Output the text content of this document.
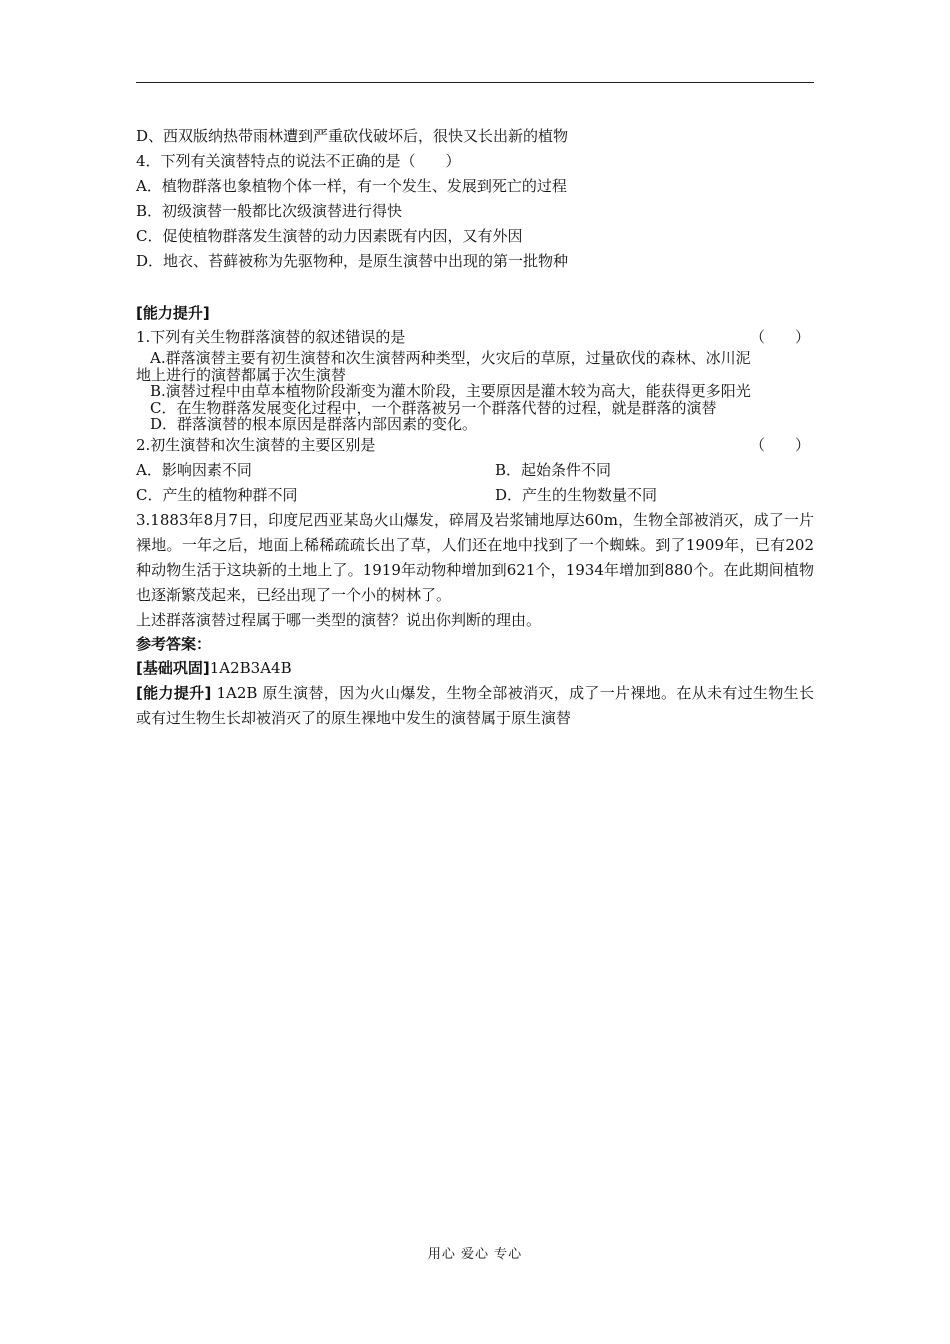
D、西双版纳热带雨林遭到严重砍伐破坏后，很快又长出新的植物
4．下列有关演替特点的说法不正确的是（　　）
A．植物群落也象植物个体一样，有一个发生、发展到死亡的过程
B．初级演替一般都比次级演替进行得快
C．促使植物群落发生演替的动力因素既有内因，又有外因
D．地衣、苔藓被称为先驱物种，是原生演替中出现的第一批物种
[能力提升]
1.下列有关生物群落演替的叙述错误的是	（　　）
A.群落演替主要有初生演替和次生演替两种类型，火灾后的草原，过量砍伐的森林、冰川泥
地上进行的演替都属于次生演替
B.演替过程中由草本植物阶段渐变为灌木阶段，主要原因是灌木较为高大，能获得更多阳光
C．在生物群落发展变化过程中，一个群落被另一个群落代替的过程，就是群落的演替
D．群落演替的根本原因是群落内部因素的变化。
2.初生演替和次生演替的主要区别是	（　　）
A．影响因素不同	B．起始条件不同
C．产生的植物种群不同	D．产生的生物数量不同
3.1883年8月7日，印度尼西亚某岛火山爆发，碎屑及岩浆铺地厚达60m，生物全部被消灭，成了一片裸地。一年之后，地面上稀稀疏疏长出了草，人们还在地中找到了一个蜘蛛。到了1909年，已有202种动物生活于这块新的土地上了。1919年动物种增加到621个，1934年增加到880个。在此期间植物也逐渐繁茂起来，已经出现了一个小的树林了。
上述群落演替过程属于哪一类型的演替？说出你判断的理由。
参考答案：
[基础巩固]1A2B3A4B
[能力提升] 1A2B 原生演替，因为火山爆发，生物全部被消灭，成了一片裸地。在从未有过生物生长或有过生物生长却被消灭了的原生裸地中发生的演替属于原生演替
用心 爱心 专心
